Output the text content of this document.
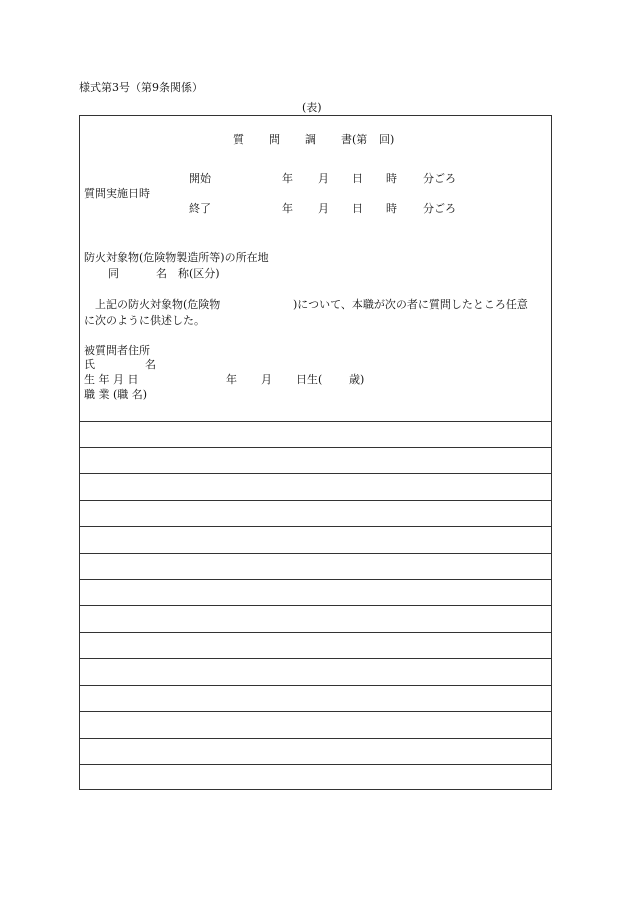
様式第3号（第9条関係）
(表)
質 問 調 書(第 回)
質問実施日時
開始	年 月 日 時 分ごろ
終了	年 月 日 時 分ごろ
防火対象物(危険物製造所等)の所在地
同	名 称(区分)
上記の防火対象物(危険物	)について、本職が次の者に質問したところ任意
に次のように供述した。
被質問者住所
氏	名
生 年 月 日	年 月 日生( 歳)
職 業 (職 名)
